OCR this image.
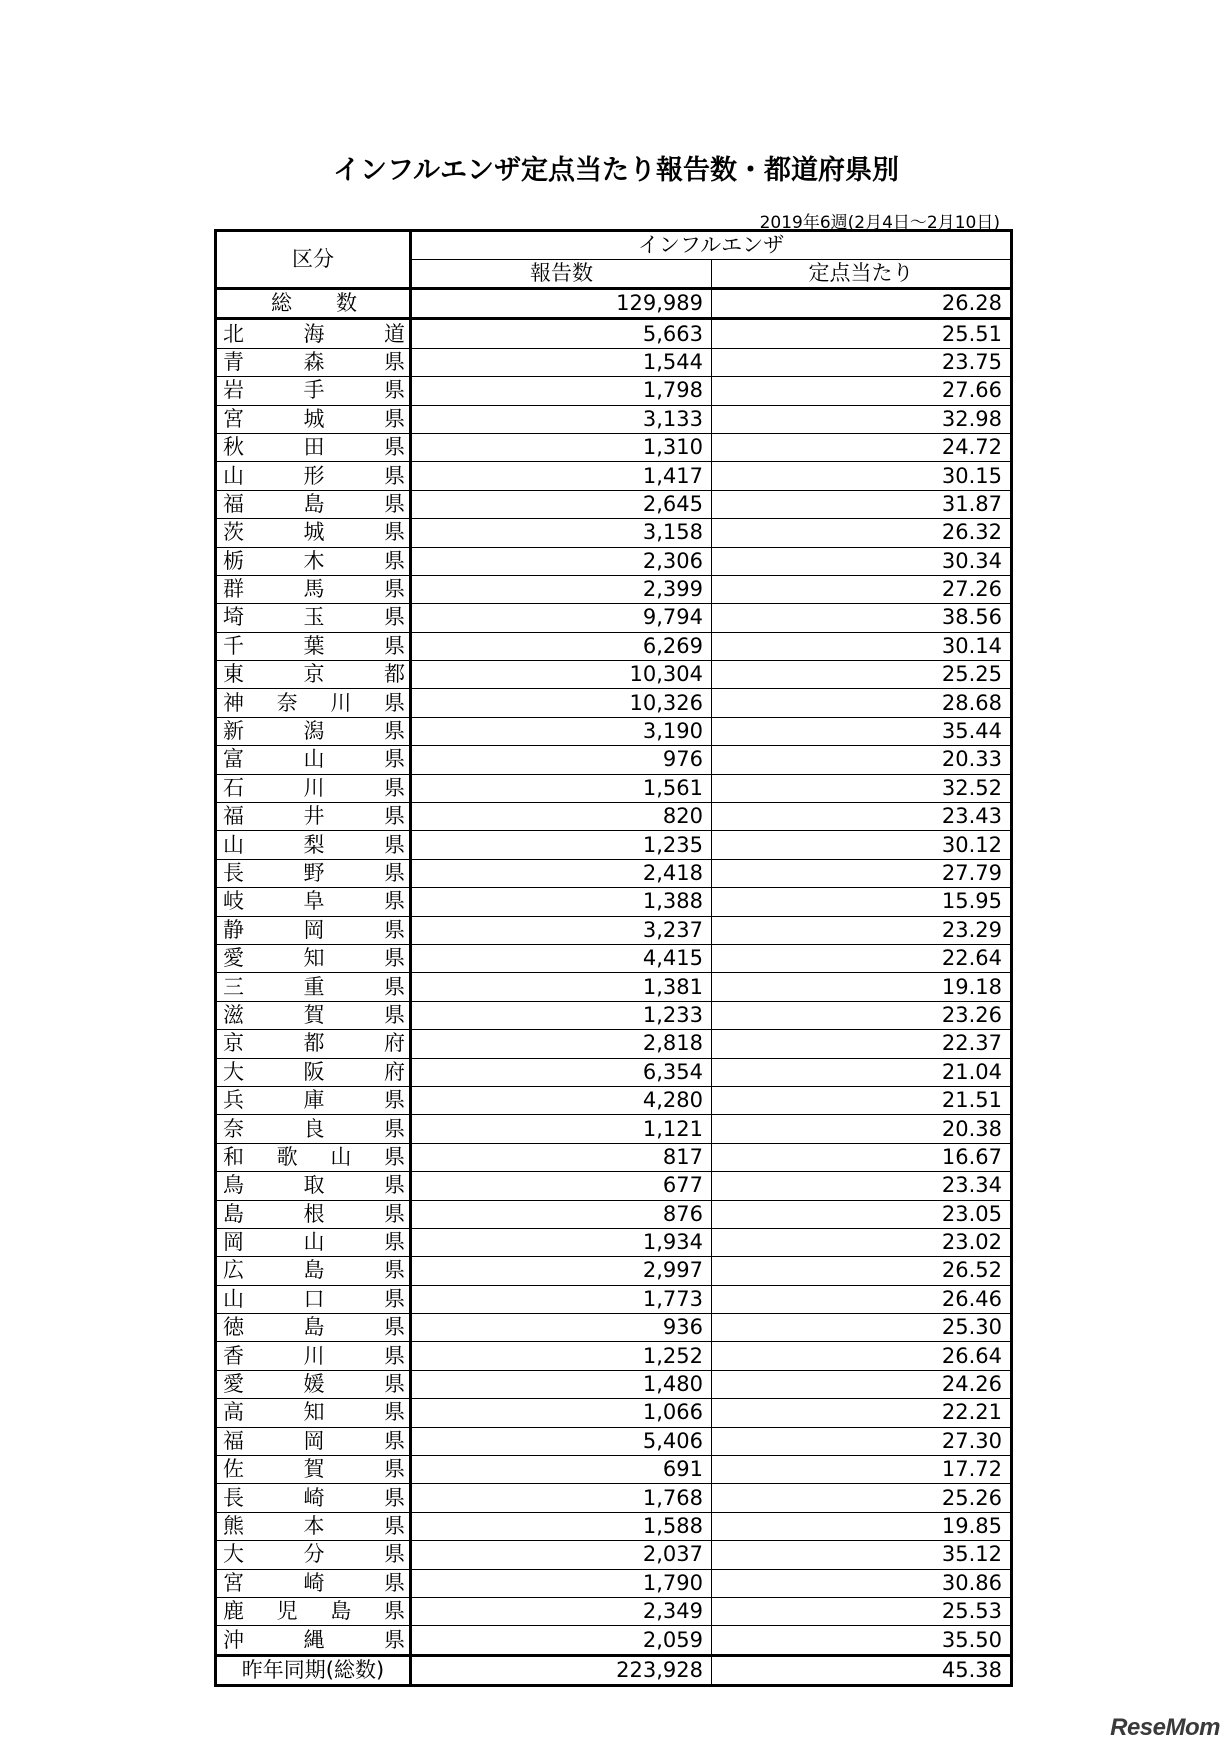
インフルエンザ定点当たり報告数・都道府県別
2019年6週(2月4日～2月10日)
区分	インフルエンザ	
	報告数	定点当たり

総 数	129,989	26.28

北 海 道	5,663	25.51

青 森 県	1,544	23.75

岩 手 県	1,798	27.66

宮 城 県	3,133	32.98

秋 田 県	1,310	24.72

山 形 県	1,417	30.15

福 島 県	2,645	31.87

茨 城 県	3,158	26.32

栃 木 県	2,306	30.34

群 馬 県	2,399	27.26

埼 玉 県	9,794	38.56

千 葉 県	6,269	30.14

東 京 都	10,304	25.25

神 奈 川 県	10,326	28.68

新 潟 県	3,190	35.44

富 山 県	976	20.33

石 川 県	1,561	32.52

福 井 県	820	23.43

山 梨 県	1,235	30.12

長 野 県	2,418	27.79

岐 阜 県	1,388	15.95

静 岡 県	3,237	23.29

愛 知 県	4,415	22.64

三 重 県	1,381	19.18

滋 賀 県	1,233	23.26

京 都 府	2,818	22.37

大 阪 府	6,354	21.04

兵 庫 県	4,280	21.51

奈 良 県	1,121	20.38

和 歌 山 県	817	16.67

鳥 取 県	677	23.34

島 根 県	876	23.05

岡 山 県	1,934	23.02

広 島 県	2,997	26.52

山 口 県	1,773	26.46

徳 島 県	936	25.30

香 川 県	1,252	26.64

愛 媛 県	1,480	24.26

高 知 県	1,066	22.21

福 岡 県	5,406	27.30

佐 賀 県	691	17.72

長 崎 県	1,768	25.26

熊 本 県	1,588	19.85

大 分 県	2,037	35.12

宮 崎 県	1,790	30.86

鹿 児 島 県	2,349	25.53

沖 縄 県	2,059	35.50
昨年同期(総数)	223,928	45.38
ReseMom
